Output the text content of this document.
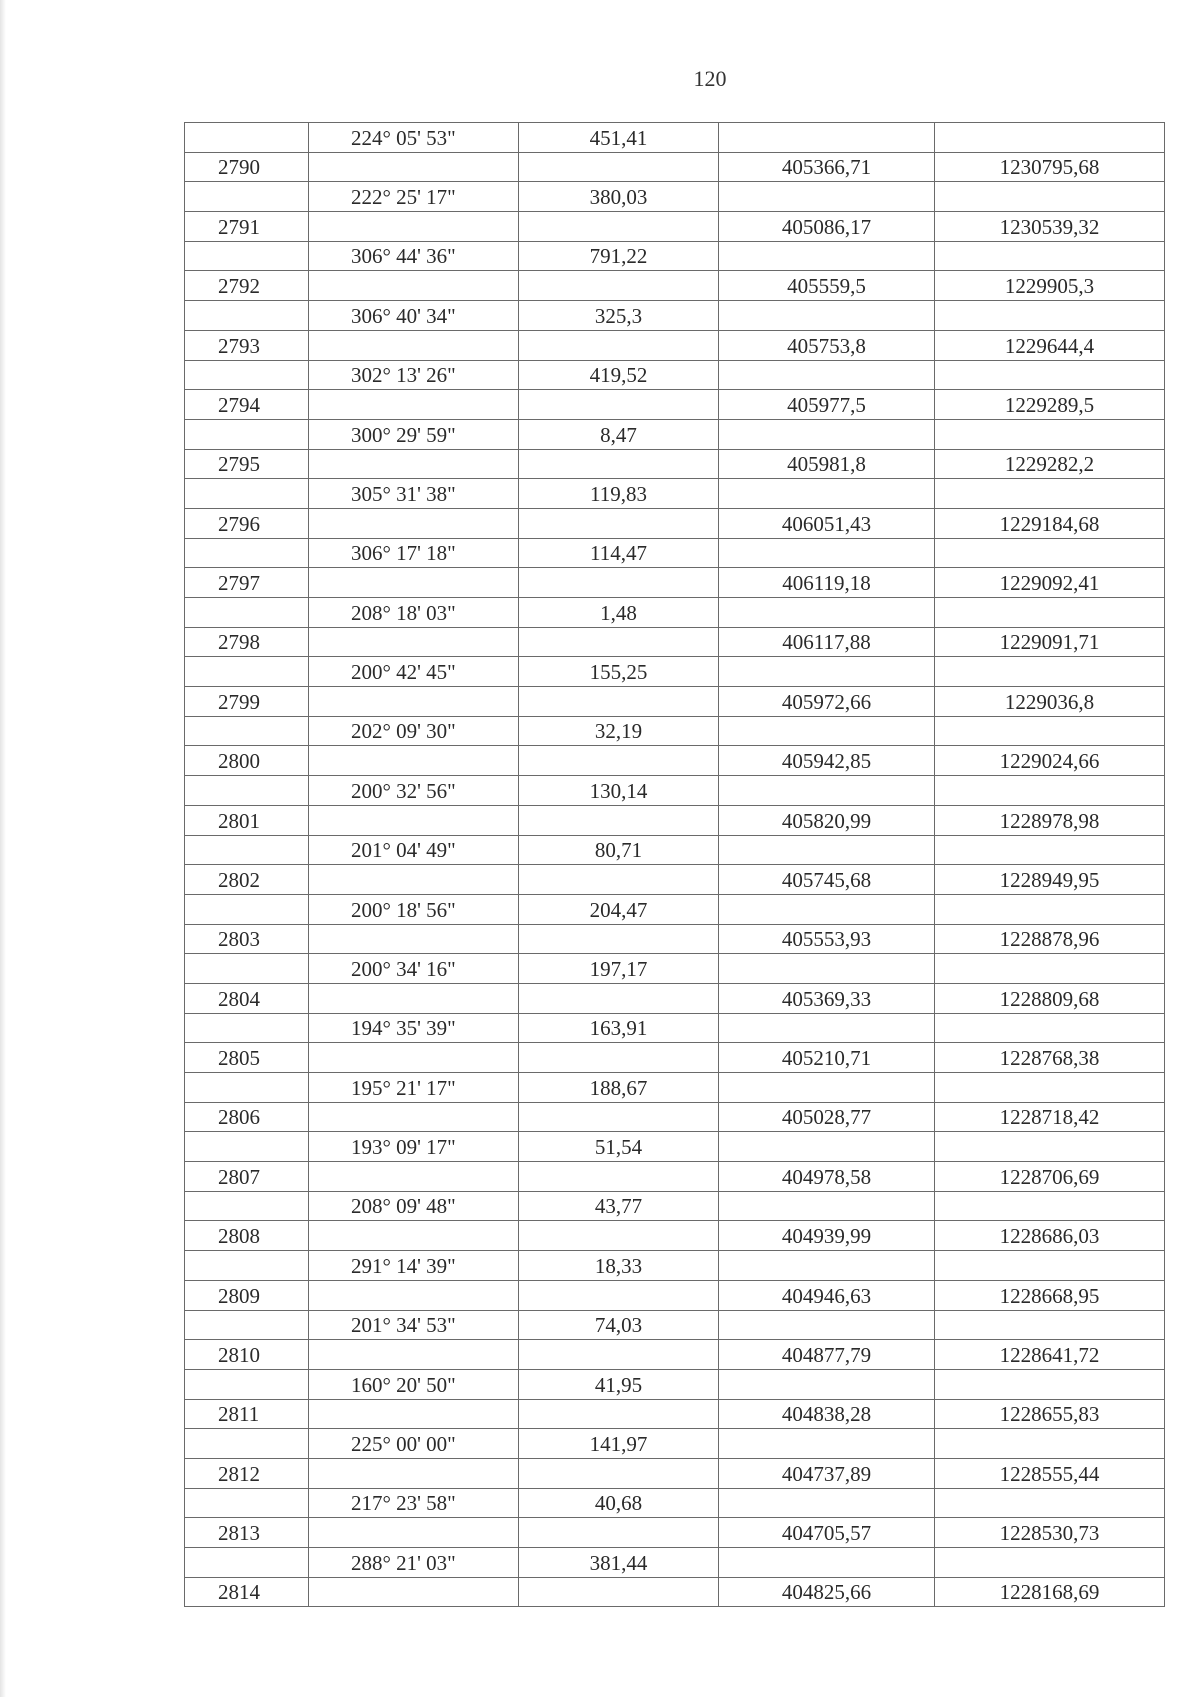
120
	224° 05' 53"	451,41		
2790			405366,71	1230795,68
	222° 25' 17"	380,03		
2791			405086,17	1230539,32
	306° 44' 36"	791,22		
2792			405559,5	1229905,3
	306° 40' 34"	325,3		
2793			405753,8	1229644,4
	302° 13' 26"	419,52		
2794			405977,5	1229289,5
	300° 29' 59"	8,47		
2795			405981,8	1229282,2
	305° 31' 38"	119,83		
2796			406051,43	1229184,68
	306° 17' 18"	114,47		
2797			406119,18	1229092,41
	208° 18' 03"	1,48		
2798			406117,88	1229091,71
	200° 42' 45"	155,25		
2799			405972,66	1229036,8
	202° 09' 30"	32,19		
2800			405942,85	1229024,66
	200° 32' 56"	130,14		
2801			405820,99	1228978,98
	201° 04' 49"	80,71		
2802			405745,68	1228949,95
	200° 18' 56"	204,47		
2803			405553,93	1228878,96
	200° 34' 16"	197,17		
2804			405369,33	1228809,68
	194° 35' 39"	163,91		
2805			405210,71	1228768,38
	195° 21' 17"	188,67		
2806			405028,77	1228718,42
	193° 09' 17"	51,54		
2807			404978,58	1228706,69
	208° 09' 48"	43,77		
2808			404939,99	1228686,03
	291° 14' 39"	18,33		
2809			404946,63	1228668,95
	201° 34' 53"	74,03		
2810			404877,79	1228641,72
	160° 20' 50"	41,95		
2811			404838,28	1228655,83
	225° 00' 00"	141,97		
2812			404737,89	1228555,44
	217° 23' 58"	40,68		
2813			404705,57	1228530,73
	288° 21' 03"	381,44		
2814			404825,66	1228168,69
